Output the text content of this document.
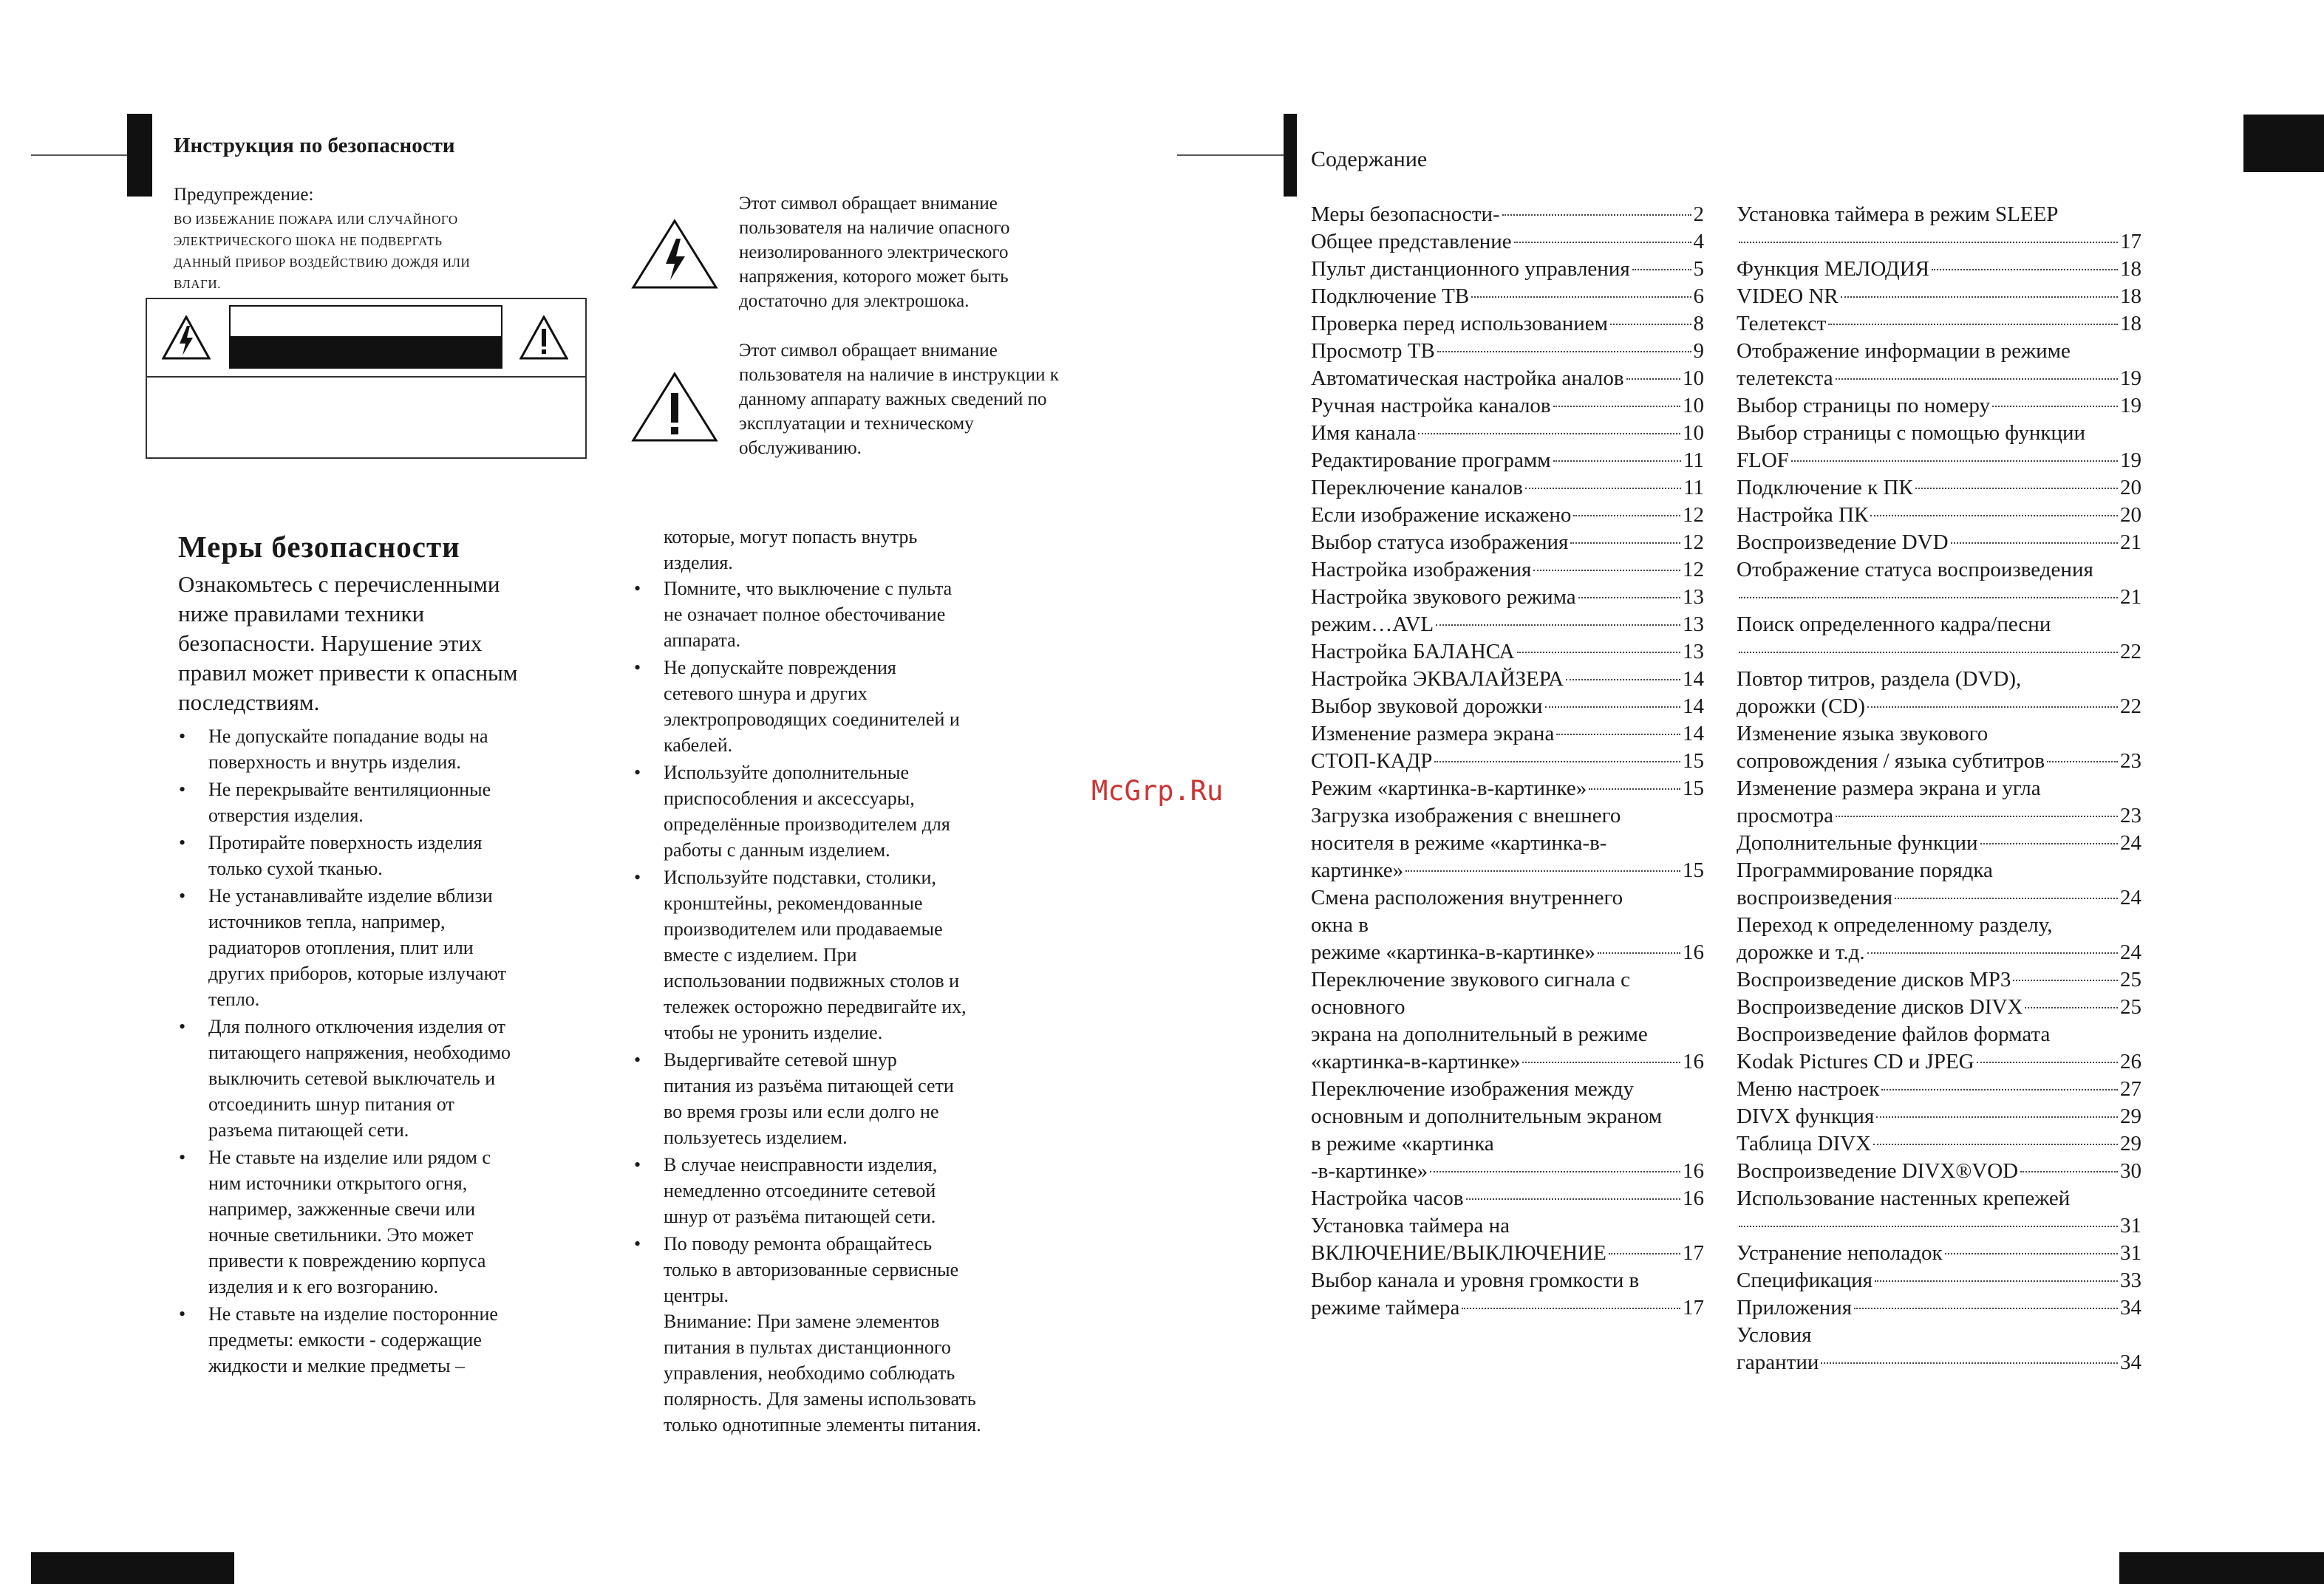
Инструкция по безопасности
Предупреждение:
ВО ИЗБЕЖАНИЕ ПОЖАРА ИЛИ СЛУЧАЙНОГО
ЭЛЕКТРИЧЕСКОГО ШОКА НЕ ПОДВЕРГАТЬ
ДАННЫЙ ПРИБОР ВОЗДЕЙСТВИЮ ДОЖДЯ ИЛИ
ВЛАГИ.
Этот символ обращает внимание
пользователя на наличие опасного
неизолированного электрического
напряжения, которого может быть
достаточно для электрошока.
Этот символ обращает внимание
пользователя на наличие в инструкции к
данному аппарату важных сведений по
эксплуатации и техническому
обслуживанию.
Меры безопасности
Ознакомьтесь с перечисленными
ниже правилами техники
безопасности. Нарушение этих
правил может привести к опасным
последствиям.
• Не допускайте попадание воды на
поверхность и внутрь изделия.
• Не перекрывайте вентиляционные
отверстия изделия.
• Протирайте поверхность изделия
только сухой тканью.
• Не устанавливайте изделие вблизи
источников тепла, например,
радиаторов отопления, плит или
других приборов, которые излучают
тепло.
• Для полного отключения изделия от
питающего напряжения, необходимо
выключить сетевой выключатель и
отсоединить шнур питания от
разъема питающей сети.
• Не ставьте на изделие или рядом с
ним источники открытого огня,
например, зажженные свечи или
ночные светильники. Это может
привести к повреждению корпуса
изделия и к его возгоранию.
• Не ставьте на изделие посторонние
предметы: емкости - содержащие
жидкости и мелкие предметы –
которые, могут попасть внутрь
изделия.
• Помните, что выключение с пульта
не означает полное обесточивание
аппарата.
• Не допускайте повреждения
сетевого шнура и других
электропроводящих соединителей и
кабелей.
• Используйте дополнительные
приспособления и аксессуары,
определённые производителем для
работы с данным изделием.
• Используйте подставки, столики,
кронштейны, рекомендованные
производителем или продаваемые
вместе с изделием. При
использовании подвижных столов и
тележек осторожно передвигайте их,
чтобы не уронить изделие.
• Выдергивайте сетевой шнур
питания из разъёма питающей сети
во время грозы или если долго не
пользуетесь изделием.
• В случае неисправности изделия,
немедленно отсоедините сетевой
шнур от разъёма питающей сети.
• По поводу ремонта обращайтесь
только в авторизованные сервисные
центры.
Внимание: При замене элементов
питания в пультах дистанционного
управления, необходимо соблюдать
полярность. Для замены использовать
только однотипные элементы питания.
McGrp.Ru
Содержание
Меры безопасности-	2
Общее представление	4
Пульт дистанционного управления	5
Подключение ТВ	6
Проверка перед использованием	8
Просмотр ТВ	9
Автоматическая настройка аналов	10
Ручная настройка каналов	10
Имя канала	10
Редактирование программ	11
Переключение каналов	11
Если изображение искажено	12
Выбор статуса изображения	12
Настройка изображения	12
Настройка звукового режима	13
режим…AVL	13
Настройка БАЛАНСА	13
Настройка ЭКВАЛАЙЗЕРА	14
Выбор звуковой дорожки	14
Изменение размера экрана	14
СТОП-КАДР	15
Режим «картинка-в-картинке»	15
Загрузка изображения с внешнего
носителя в режиме «картинка-в-
картинке»	15
Смена расположения внутреннего
окна в
режиме «картинка-в-картинке»	16
Переключение звукового сигнала с
основного
экрана на дополнительный в режиме
«картинка-в-картинке»	16
Переключение изображения между
основным и дополнительным экраном
в режиме «картинка
-в-картинке»	16
Настройка часов	16
Установка таймера на
ВКЛЮЧЕНИЕ/ВЫКЛЮЧЕНИЕ	17
Выбор канала и уровня громкости в
режиме таймера	17
Установка таймера в режим SLEEP
17
Функция МЕЛОДИЯ	18
VIDEO NR	18
Телетекст	18
Отображение информации в режиме
телетекста	19
Выбор страницы по номеру	19
Выбор страницы с помощью функции
FLOF	19
Подключение к ПК	20
Настройка ПК	20
Воспроизведение DVD	21
Отображение статуса воспроизведения
21
Поиск определенного кадра/песни
22
Повтор титров, раздела (DVD),
дорожки (CD)	22
Изменение языка звукового
сопровождения / языка субтитров	23
Изменение размера экрана и угла
просмотра	23
Дополнительные функции	24
Программирование порядка
воспроизведения	24
Переход к определенному разделу,
дорожке и т.д.	24
Воспроизведение дисков MP3	25
Воспроизведение дисков DIVX	25
Воспроизведение файлов формата
Kodak Pictures CD и JPEG	26
Меню настроек	27
DIVX функция	29
Таблица DIVX	29
Воспроизведение DIVX®VOD	30
Использование настенных крепежей
31
Устранение неполадок	31
Спецификация	33
Приложения	34
Условия
гарантии	34
